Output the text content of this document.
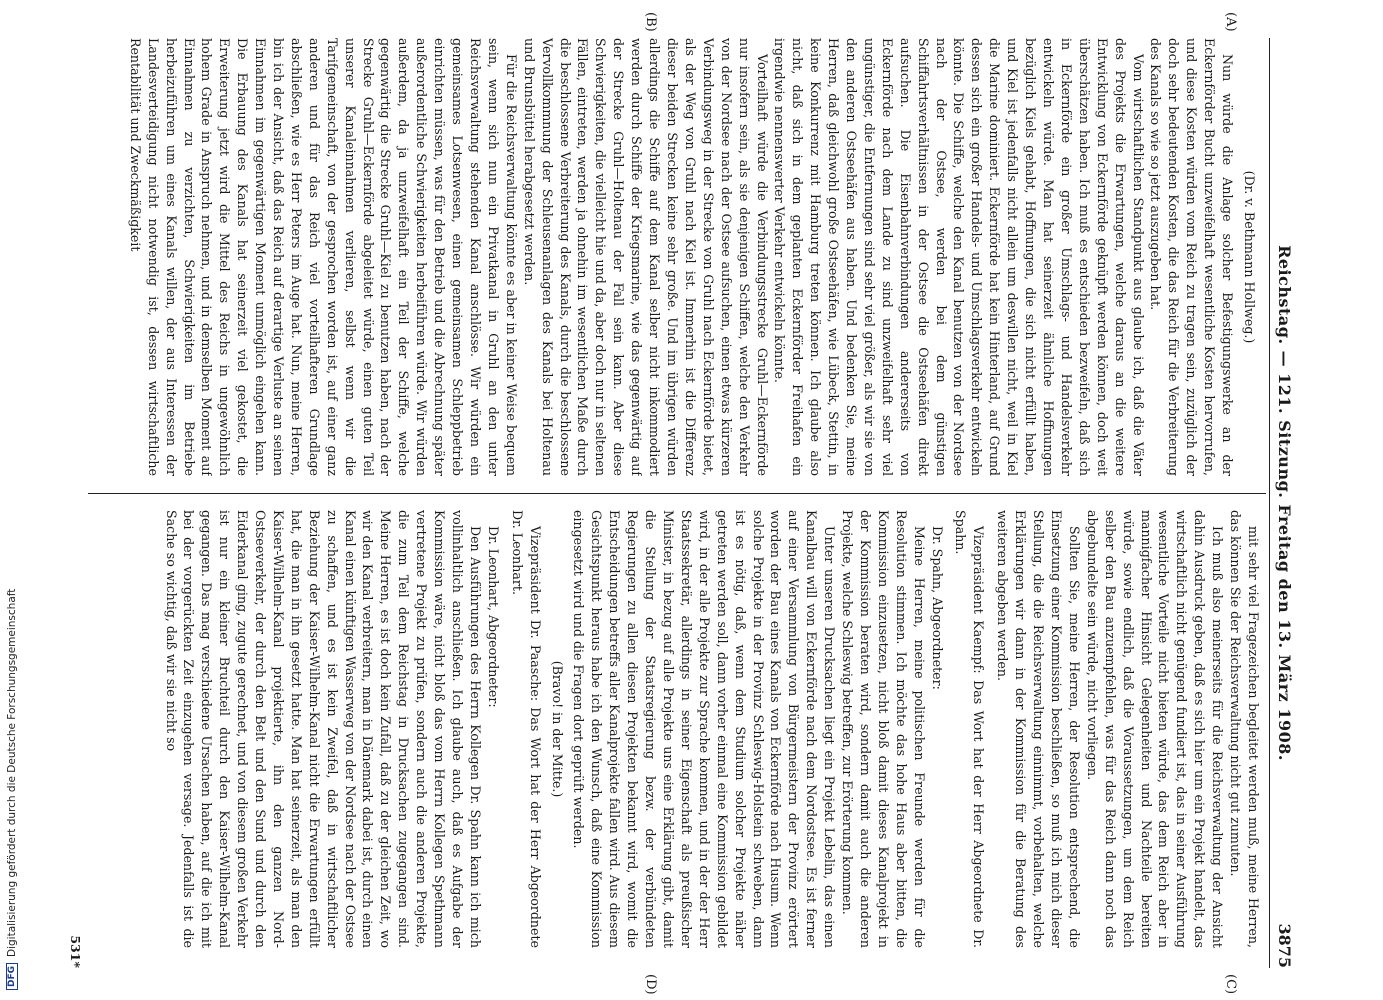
Reichstag. — 121. Sitzung. Freitag den 13. März 1908.
3875
(A)
(B)
(C)
(D)

(Dr. v. Bethmann Hollweg.)

Nun würde die Anlage solcher Befestigungswerke an der Eckernförder Bucht unzweifelhaft wesentliche Kosten hervorrufen, und diese Kosten würden vom Reich zu tragen sein, zuzüglich der doch sehr bedeutenden Kosten, die das Reich für die Verbreiterung des Kanals so wie so jetzt auszugeben hat.

Vom wirtschaftlichen Standpunkt aus glaube ich, daß die Väter des Projekts die Erwartungen, welche daraus an die weitere Entwicklung von Eckernförde geknüpft werden können, doch weit überschätzen haben. Ich muß es entschieden bezweifeln, daß sich in Eckernförde ein großer Umschlags- und Handelsverkehr entwickeln würde. Man hat seinerzeit ähnliche Hoffnungen bezüglich Kiels gehabt, Hoffnungen, die sich nicht erfüllt haben, und Kiel ist jedenfalls nicht allein um deswillen nicht, weil in Kiel die Marine dominiert. Eckernförde hat kein Hinterland, auf Grund dessen sich ein großer Handels- und Umschlagsverkehr entwickeln könnte. Die Schiffe, welche den Kanal benutzen von der Nordsee nach der Ostsee, werden bei dem günstigen Schiffahrtsverhältnissen in der Ostsee die Ostseehäfen direkt aufsuchen. Die Eisenbahnverbindungen andererseits von Eckernförde nach dem Lande zu sind unzweifelhaft sehr viel ungünstiger, die Entfernungen sind sehr viel größer, als wir sie von den anderen Ostseehäfen aus haben. Und bedenken Sie, meine Herren, daß gleichwohl große Ostseehäfen, wie Lübeck, Stettin, in keine Konkurrenz mit Hamburg treten können. Ich glaube also nicht, daß sich in dem geplanten Eckernförder Freihafen ein irgendwie nennenswerter Verkehr entwickeln könnte.

Vorteilhaft würde die Verbindungsstrecke Gruhl—Eckernförde nur insofern sein, als sie denjenigen Schiffen, welche den Verkehr von der Nordsee nach der Ostsee aufsuchen, einen etwas kürzeren Verbindungsweg in der Strecke von Gruhl nach Eckernförde bietet, als der Weg von Gruhl nach Kiel ist. Immerhin ist die Differenz dieser beiden Strecken keine sehr große. Und im übrigen würden allerdings die Schiffe auf dem Kanal selber nicht inkommodiert werden durch Schiffe der Kriegsmarine, wie das gegenwärtig auf der Strecke Gruhl—Holtenau der Fall sein kann. Aber diese Schwierigkeiten, die vielleicht hie und da, aber doch nur in seltenen Fällen, eintreten, werden ja ohnehin im wesentlichen Maße durch die beschlossene Verbreiterung des Kanals, durch die beschlossene Vervollkommnung der Schleusenanlagen des Kanals bei Holtenau und Brunsbüttel herabgesetzt werden.

Für die Reichsverwaltung könnte es aber in keiner Weise bequem sein, wenn sich nun ein Privatkanal in Gruhl an den unter Reichsverwaltung stehenden Kanal anschlösse. Wir würden ein gemeinsames Lotsenwesen, einen gemeinsamen Schleppbetrieb einrichten müssen, was für den Betrieb und die Abrechnung später außerordentliche Schwierigkeiten herbeiführen würde. Wir würden außerdem, da ja unzweifelhaft ein Teil der Schiffe, welche gegenwärtig die Strecke Gruhl—Kiel zu benutzen haben, nach der Strecke Gruhl—Eckernförde abgeleitet würde, einen guten Teil unserer Kanaleinnahmen verlieren, selbst wenn wir die Tarifgemeinschaft, von der gesprochen worden ist, auf einer ganz anderen und für das Reich viel vorteilhafteren Grundlage abschließen, wie es Herr Peters im Auge hat. Nun, meine Herren, bin ich der Ansicht, daß das Reich auf derartige Verluste an seinen Einnahmen im gegenwärtigen Moment unmöglich eingehen kann. Die Erbauung des Kanals hat seinerzeit viel gekostet, die Erweiterung jetzt wird die Mittel des Reichs in ungewöhnlich hohem Grade in Anspruch nehmen, und in demselben Moment auf Einnahmen zu verzichten, Schwierigkeiten im Betriebe herbeizuführen um eines Kanals willen, der aus Interessen der Landesverteidigung nicht notwendig ist, dessen wirtschaftliche Rentabilität und Zweckmäßigkeit

mit sehr viel Fragezeichen begleitet werden muß, meine Herren, das können Sie der Reichsverwaltung nicht gut zumuten.

Ich muß also meinerseits für die Reichsverwaltung der Ansicht dahin Ausdruck geben, daß es sich hier um ein Projekt handelt, das wirtschaftlich nicht genügend fundiert ist, das in seiner Ausführung wesentliche Vorteile nicht bieten würde, das dem Reich aber in mannigfacher Hinsicht Gelegenheiten und Nachteile bereiten würde, sowie endlich, daß die Voraussetzungen, um dem Reich selber den Bau anzuempfehlen, was für das Reich dann noch das abgebundelte sein würde, nicht vorliegen.

Sollten Sie, meine Herren, der Resolution entsprechend, die Einsetzung einer Kommission beschließen, so muß ich mich dieser Stellung, die die Reichsverwaltung einnimmt, vorbehalten, welche Erklärungen wir dann in der Kommission für die Beratung des weiteren abgeben werden.

Vizepräsident Kaempf: Das Wort hat der Herr Abgeordnete Dr. Spahn.

Dr. Spahn, Abgeordneter:

Meine Herren, meine politischen Freunde werden für die Resolution stimmen. Ich möchte das hohe Haus aber bitten, die Kommission einzusetzen, nicht bloß damit dieses Kanalprojekt in der Kommission beraten wird, sondern damit auch die anderen Projekte, welche Schleswig betreffen, zur Erörterung kommen.

Unter unseren Drucksachen liegt ein Projekt Lebelin, das einen Kanalbau will von Eckernförde nach dem Nordostsee. Es ist ferner auf einer Versammlung von Bürgermeistern der Provinz erörtert worden der Bau eines Kanals von Eckernförde nach Husum. Wenn solche Projekte in der Provinz Schleswig-Holstein schweben, dann ist es nötig, daß, wenn dem Studium solcher Projekte näher getreten werden soll, dann vorher einmal eine Kommission gebildet wird, in der alle Projekte zur Sprache kommen, und in der der Herr Staatssekretär, allerdings in seiner Eigenschaft als preußischer Minister, in bezug auf alle Projekte uns eine Erklärung gibt, damit die Stellung der Staatsregierung bezw. der verbündeten Regierungen zu allen diesen Projekten bekannt wird, womit die Entscheidungen betreffs aller Kanalprojekte fallen wird. Aus diesem Gesichtspunkt heraus habe ich den Wunsch, daß eine Kommission eingesetzt wird und die Fragen dort geprüft werden.

(Bravo! in der Mitte.)

Vizepräsident Dr. Paasche: Das Wort hat der Herr Abgeordnete Dr. Leonhart.

Dr. Leonhart, Abgeordneter:

Den Ausführungen des Herrn Kollegen Dr. Spahn kann ich mich vollinhaltlich anschließen. Ich glaube auch, daß es Aufgabe der Kommission wäre, nicht bloß das vom Herrn Kollegen Spethmann vertretene Projekt zu prüfen, sondern auch die anderen Projekte, die zum Teil dem Reichstag in Drucksachen zugegangen sind. Meine Herren, es ist doch kein Zufall, daß zu der gleichen Zeit, wo wir den Kanal verbreitern, man in Dänemark dabei ist, durch einen Kanal einen künftigen Wasserweg von der Nordsee nach der Ostsee zu schaffen, und es ist kein Zweifel, daß in wirtschaftlicher Beziehung der Kaiser-Wilhelm-Kanal nicht die Erwartungen erfüllt hat, die man in ihn gesetzt hatte. Man hat seinerzeit, als man den Kaiser-Wilhelm-Kanal projektierte, ihn den ganzen Nord-Ostseeverkehr, der durch den Belt und den Sund und durch den Eiderkanal ging, zugute gerechnet, und von diesem großen Verkehr ist nur ein kleiner Bruchteil durch den Kaiser-Wilhelm-Kanal gegangen. Das mag verschiedene Ursachen haben, auf die ich mit bei der vorgerückten Zeit einzugehen versage. Jedenfalls ist die Sache so wichtig, daß wir sie nicht so

531*
DFGDigitalisierung gefördert durch die Deutsche Forschungsgemeinschaft
